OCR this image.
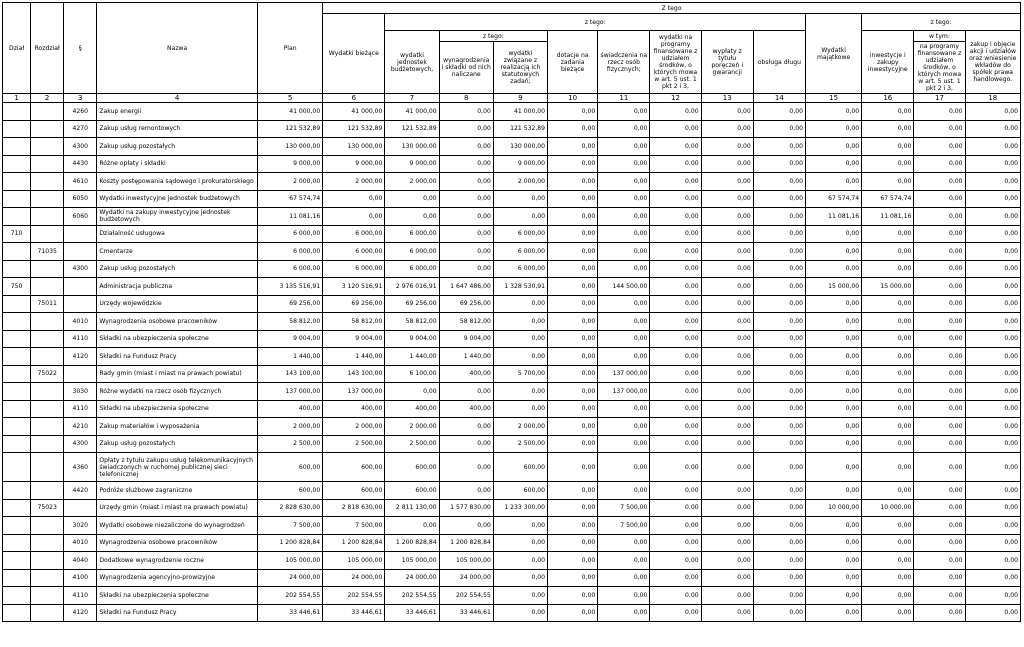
Dział	Rozdział	§	Nazwa	Plan	Z tego												
					Wydatki bieżące	z tego:								Wydatki majątkowe	z tego:		
						wydatki jednostek budżetowych,	z tego:		dotacje na zadania bieżące	świadczenia na rzecz osób fizycznych;	wydatki na programy finansowane z udziałem środków, o których mowa w art. 5 ust. 1 pkt 2 i 3,	wypłaty z tytułu poręczeń i gwarancji	obsługa długu		inwestycje i zakupy inwestycyjne	w tym:	zakup i objęcie akcji i udziałów oraz wniesienie wkładów do spółek prawa handlowego.
							wynagrodzenia i składki od nich naliczane	wydatki związane z realizacją ich statutowych zadań;								na programy finansowane z udziałem środków, o których mowa w art. 5 ust. 1 pkt 2 i 3,	
1	2	3	4	5	6	7	8	9	10	11	12	13	14	15	16	17	18
		4260	Zakup energii	41 000,00	41 000,00	41 000,00	0,00	41 000,00	0,00	0,00	0,00	0,00	0,00	0,00	0,00	0,00	0,00
		4270	Zakup usług remontowych	121 532,89	121 532,89	121 532,89	0,00	121 532,89	0,00	0,00	0,00	0,00	0,00	0,00	0,00	0,00	0,00
		4300	Zakup usług pozostałych	130 000,00	130 000,00	130 000,00	0,00	130 000,00	0,00	0,00	0,00	0,00	0,00	0,00	0,00	0,00	0,00
		4430	Różne opłaty i składki	9 000,00	9 000,00	9 000,00	0,00	9 000,00	0,00	0,00	0,00	0,00	0,00	0,00	0,00	0,00	0,00
		4610	Koszty postępowania sądowego i prokuratorskiego	2 000,00	2 000,00	2 000,00	0,00	2 000,00	0,00	0,00	0,00	0,00	0,00	0,00	0,00	0,00	0,00
		6050	Wydatki inwestycyjne jednostek budżetowych	67 574,74	0,00	0,00	0,00	0,00	0,00	0,00	0,00	0,00	0,00	67 574,74	67 574,74	0,00	0,00
		6060	Wydatki na zakupy inwestycyjne jednostek budżetowych	11 081,16	0,00	0,00	0,00	0,00	0,00	0,00	0,00	0,00	0,00	11 081,16	11 081,16	0,00	0,00
710			Działalność usługowa	6 000,00	6 000,00	6 000,00	0,00	6 000,00	0,00	0,00	0,00	0,00	0,00	0,00	0,00	0,00	0,00
	71035		Cmentarze	6 000,00	6 000,00	6 000,00	0,00	6 000,00	0,00	0,00	0,00	0,00	0,00	0,00	0,00	0,00	0,00
		4300	Zakup usług pozostałych	6 000,00	6 000,00	6 000,00	0,00	6 000,00	0,00	0,00	0,00	0,00	0,00	0,00	0,00	0,00	0,00
750			Administracja publiczna	3 135 516,91	3 120 516,91	2 976 016,91	1 647 486,00	1 328 530,91	0,00	144 500,00	0,00	0,00	0,00	15 000,00	15 000,00	0,00	0,00
	75011		Urzędy wojewódzkie	69 256,00	69 256,00	69 256,00	69 256,00	0,00	0,00	0,00	0,00	0,00	0,00	0,00	0,00	0,00	0,00
		4010	Wynagrodzenia osobowe pracowników	58 812,00	58 812,00	58 812,00	58 812,00	0,00	0,00	0,00	0,00	0,00	0,00	0,00	0,00	0,00	0,00
		4110	Składki na ubezpieczenia społeczne	9 004,00	9 004,00	9 004,00	9 004,00	0,00	0,00	0,00	0,00	0,00	0,00	0,00	0,00	0,00	0,00
		4120	Składki na Fundusz Pracy	1 440,00	1 440,00	1 440,00	1 440,00	0,00	0,00	0,00	0,00	0,00	0,00	0,00	0,00	0,00	0,00
	75022		Rady gmin (miast i miast na prawach powiatu)	143 100,00	143 100,00	6 100,00	400,00	5 700,00	0,00	137 000,00	0,00	0,00	0,00	0,00	0,00	0,00	0,00
		3030	Różne wydatki na rzecz osób fizycznych	137 000,00	137 000,00	0,00	0,00	0,00	0,00	137 000,00	0,00	0,00	0,00	0,00	0,00	0,00	0,00
		4110	Składki na ubezpieczenia społeczne	400,00	400,00	400,00	400,00	0,00	0,00	0,00	0,00	0,00	0,00	0,00	0,00	0,00	0,00
		4210	Zakup materiałów i wyposażenia	2 000,00	2 000,00	2 000,00	0,00	2 000,00	0,00	0,00	0,00	0,00	0,00	0,00	0,00	0,00	0,00
		4300	Zakup usług pozostałych	2 500,00	2 500,00	2 500,00	0,00	2 500,00	0,00	0,00	0,00	0,00	0,00	0,00	0,00	0,00	0,00
		4360	Opłaty z tytułu zakupu usług telekomunikacyjnych świadczonych w ruchomej publicznej sieci telefonicznej	600,00	600,00	600,00	0,00	600,00	0,00	0,00	0,00	0,00	0,00	0,00	0,00	0,00	0,00
		4420	Podróże służbowe zagraniczne	600,00	600,00	600,00	0,00	600,00	0,00	0,00	0,00	0,00	0,00	0,00	0,00	0,00	0,00
	75023		Urzędy gmin (miast i miast na prawach powiatu)	2 828 630,00	2 818 630,00	2 811 130,00	1 577 830,00	1 233 300,00	0,00	7 500,00	0,00	0,00	0,00	10 000,00	10 000,00	0,00	0,00
		3020	Wydatki osobowe niezaliczone do wynagrodzeń	7 500,00	7 500,00	0,00	0,00	0,00	0,00	7 500,00	0,00	0,00	0,00	0,00	0,00	0,00	0,00
		4010	Wynagrodzenia osobowe pracowników	1 200 828,84	1 200 828,84	1 200 828,84	1 200 828,84	0,00	0,00	0,00	0,00	0,00	0,00	0,00	0,00	0,00	0,00
		4040	Dodatkowe wynagrodzenie roczne	105 000,00	105 000,00	105 000,00	105 000,00	0,00	0,00	0,00	0,00	0,00	0,00	0,00	0,00	0,00	0,00
		4100	Wynagrodzenia agencyjno-prowizyjne	24 000,00	24 000,00	24 000,00	24 000,00	0,00	0,00	0,00	0,00	0,00	0,00	0,00	0,00	0,00	0,00
		4110	Składki na ubezpieczenia społeczne	202 554,55	202 554,55	202 554,55	202 554,55	0,00	0,00	0,00	0,00	0,00	0,00	0,00	0,00	0,00	0,00
		4120	Składki na Fundusz Pracy	33 446,61	33 446,61	33 446,61	33 446,61	0,00	0,00	0,00	0,00	0,00	0,00	0,00	0,00	0,00	0,00
